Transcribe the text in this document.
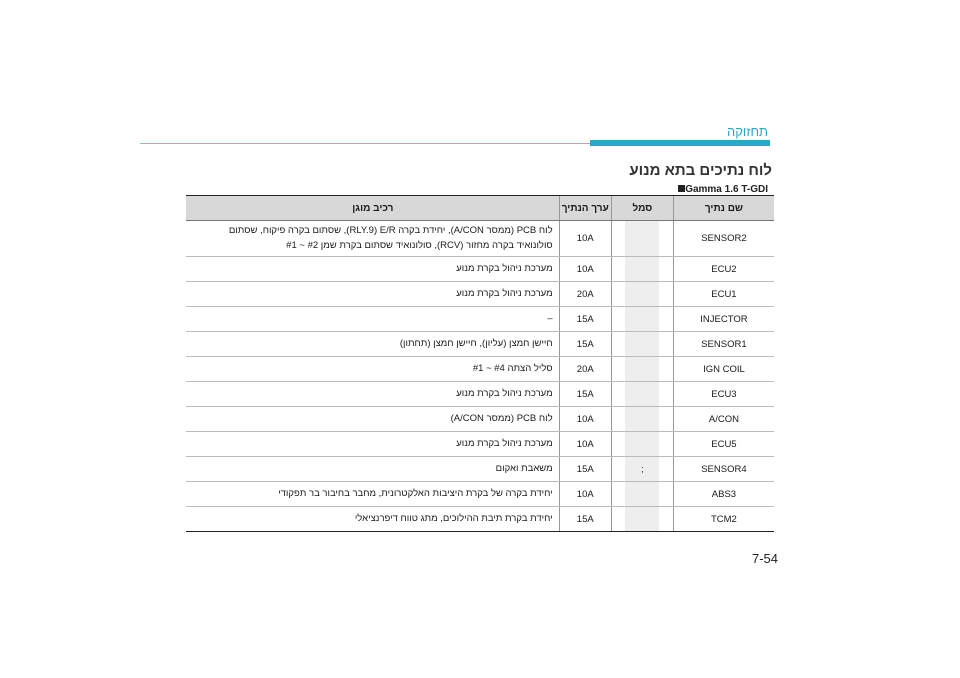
תחזוקה
לוח נתיכים בתא מנוע
Gamma 1.6 T-GDI
רכיב מוגן	ערך הנתיך	סמל	שם נתיך

לוח PCB (ממסר A/CON), יחידת בקרה E/R ‏(RLY.9), שסתום בקרה פיקוח, שסתום
סולונואיד בקרה מחזור (RCV), סולונואיד שסתום בקרת שמן ‎#1 ~ #2	10A		SENSOR2
מערכת ניהול בקרת מנוע	10A		ECU2
מערכת ניהול בקרת מנוע	20A		ECU1
–	15A		INJECTOR
חיישן חמצן (עליון), חיישן חמצן (תחתון)	15A		SENSOR1
סליל הצתה ‎#1 ~ #4	20A		IGN COIL
מערכת ניהול בקרת מנוע	15A		ECU3
לוח PCB (ממסר A/CON)	10A		A/CON
מערכת ניהול בקרת מנוע	10A		ECU5
משאבת ואקום	15A	;	SENSOR4
יחידת בקרה של בקרת היציבות האלקטרונית, מחבר בחיבור בר תפקודי	10A		ABS3
יחידת בקרת תיבת ההילוכים, מתג טווח דיפרנציאלי	15A		TCM2
7-54
